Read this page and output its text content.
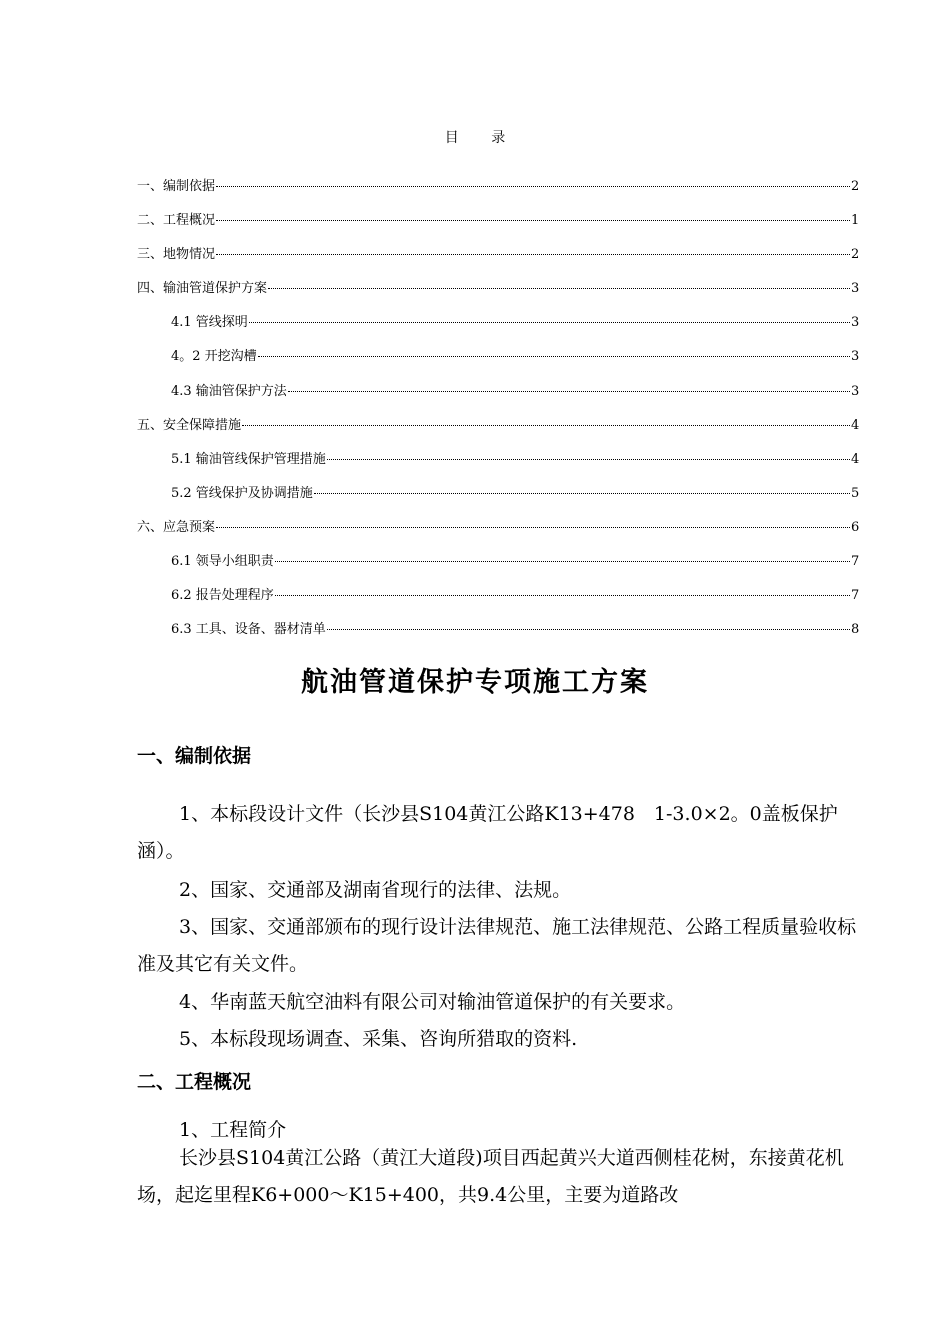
目 录
一、编制依据	2
二、工程概况	1
三、地物情况	2
四、输油管道保护方案	3
4.1 管线探明	3
4。2 开挖沟槽	3
4.3 输油管保护方法	3
五、安全保障措施	4
5.1 输油管线保护管理措施	4
5.2 管线保护及协调措施	5
六、应急预案	6
6.1 领导小组职责	7
6.2 报告处理程序	7
6.3 工具、设备、器材清单	8
航油管道保护专项施工方案
一、编制依据
1、本标段设计文件（长沙县S104黄江公路K13+478　1-3.0×2。0盖板保护涵）。
2、国家、交通部及湖南省现行的法律、法规。
3、国家、交通部颁布的现行设计法律规范、施工法律规范、公路工程质量验收标准及其它有关文件。
4、华南蓝天航空油料有限公司对输油管道保护的有关要求。
5、本标段现场调查、采集、咨询所猎取的资料.
二、工程概况
1、工程简介
长沙县S104黄江公路（黄江大道段)项目西起黄兴大道西侧桂花树，东接黄花机场，起迄里程K6+000～K15+400，共9.4公里，主要为道路改
